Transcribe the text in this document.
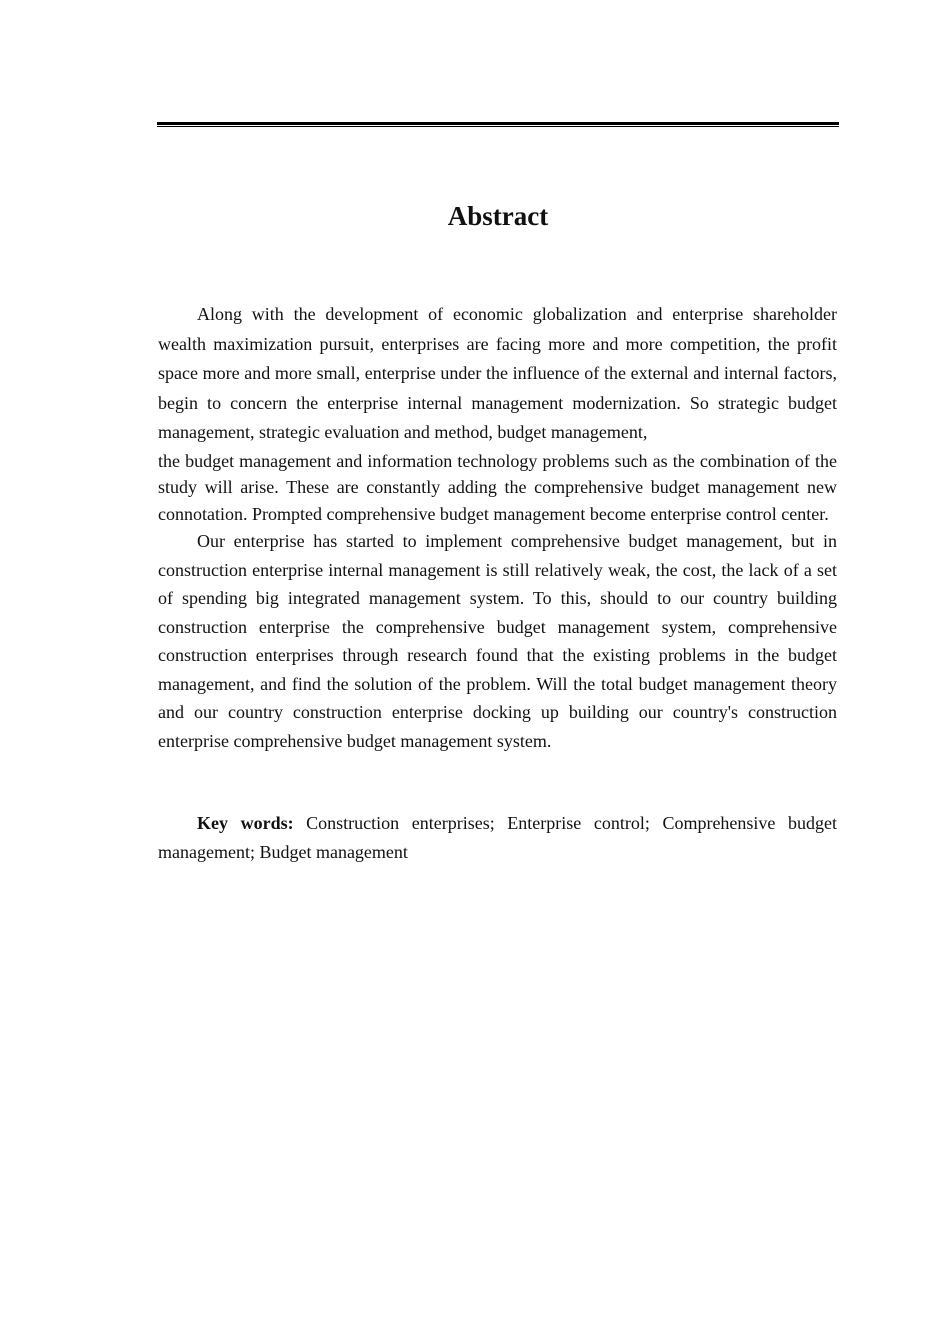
Abstract

Along with the development of economic globalization and enterprise shareholder wealth maximization pursuit, enterprises are facing more and more competition, the profit space more and more small, enterprise under the influence of the external and internal factors, begin to concern the enterprise internal management modernization. So strategic budget management, strategic evaluation and method, budget management,

the budget management and information technology problems such as the combination of the study will arise. These are constantly adding the comprehensive budget management new connotation. Prompted comprehensive budget management become enterprise control center.

Our enterprise has started to implement comprehensive budget management, but in construction enterprise internal management is still relatively weak, the cost, the lack of a set of spending big integrated management system. To this, should to our country building construction enterprise the comprehensive budget management system, comprehensive construction enterprises through research found that the existing problems in the budget management, and find the solution of the problem. Will the total budget management theory and our country construction enterprise docking up building our country's construction enterprise comprehensive budget management system.

Key words: Construction enterprises; Enterprise control; Comprehensive budget management; Budget management
